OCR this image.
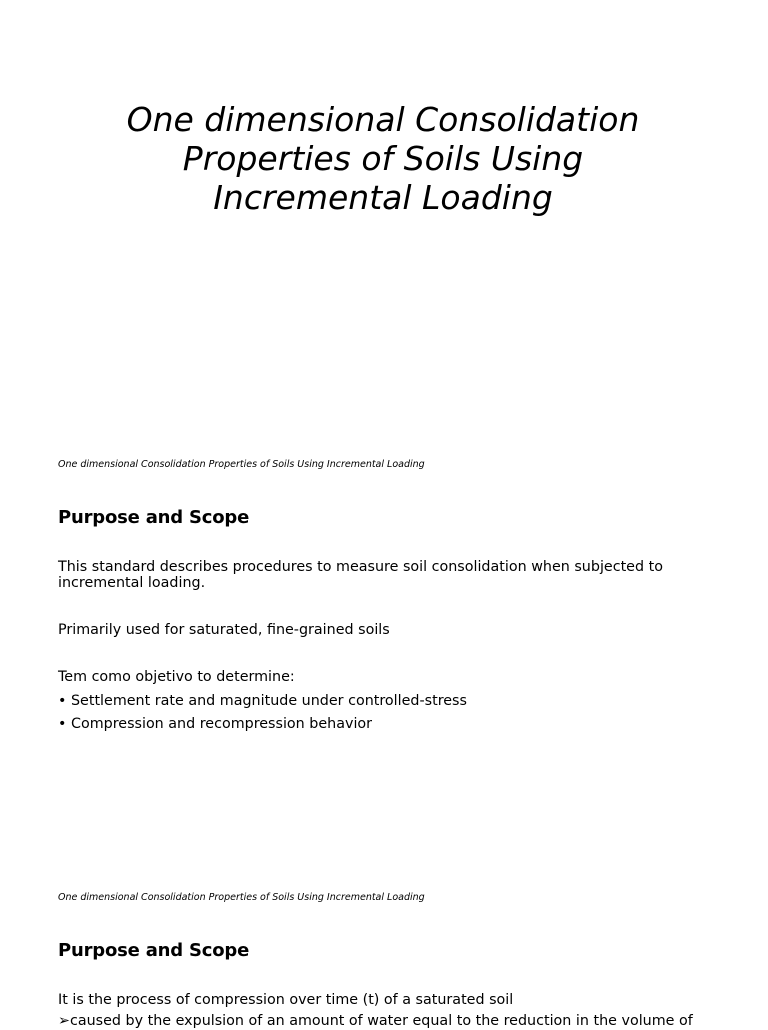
One dimensional Consolidation
Properties of Soils Using
Incremental Loading
One dimensional Consolidation Properties of Soils Using Incremental Loading
Purpose and Scope
This standard describes procedures to measure soil consolidation when subjected to incremental loading.
Primarily used for saturated, fine-grained soils
Tem como objetivo to determine:
• Settlement rate and magnitude under controlled-stress
• Compression and recompression behavior
One dimensional Consolidation Properties of Soils Using Incremental Loading
Purpose and Scope
It is the process of compression over time (t) of a saturated soil
➢caused by the expulsion of an amount of water equal to the reduction in the volume of
